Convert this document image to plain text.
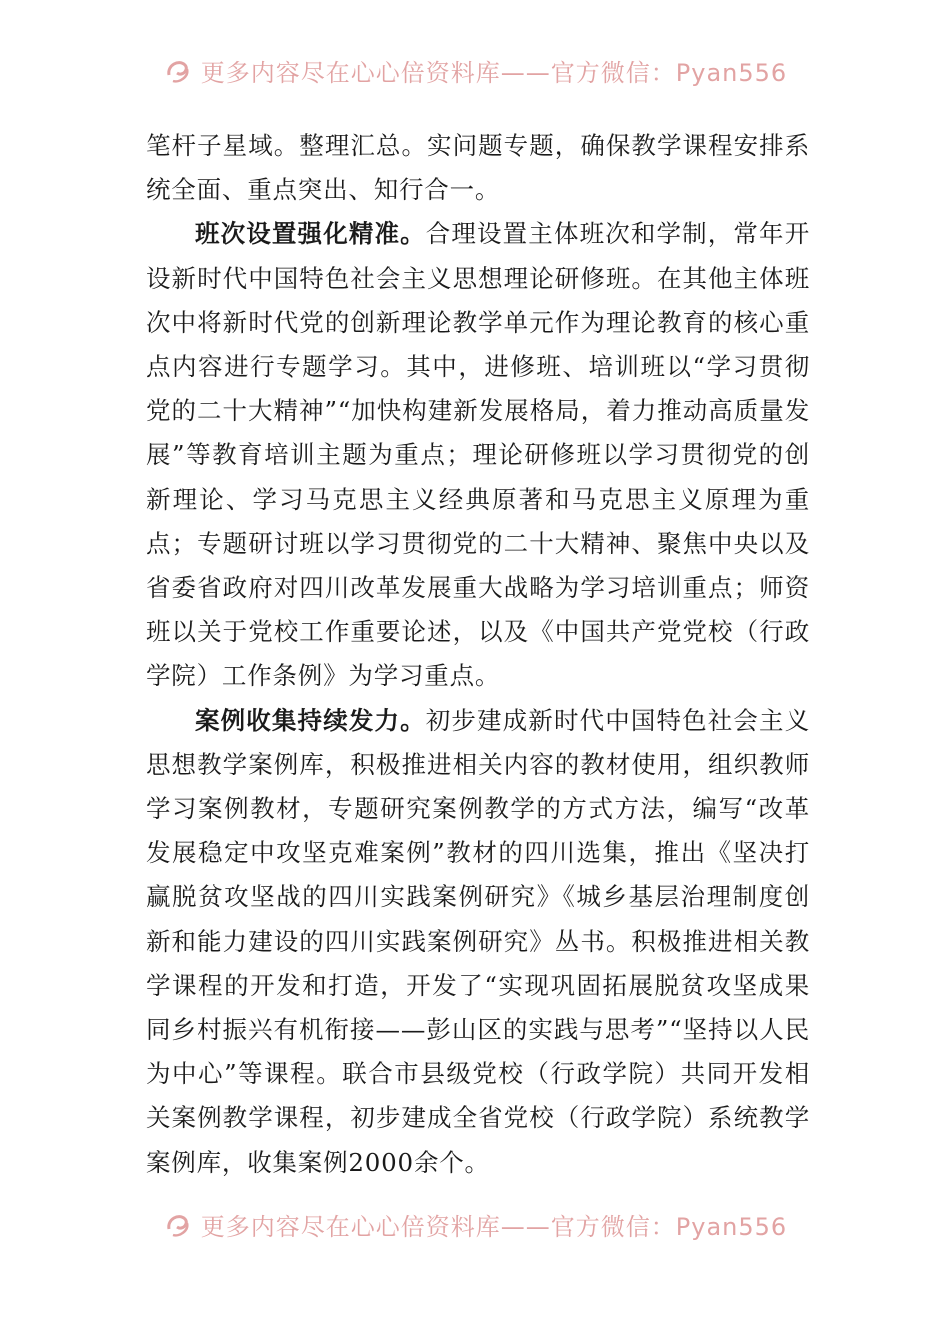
更多内容尽在心心倍资料库——官方微信：Pyan556

笔杆子星域。整理汇总。实问题专题，确保教学课程安排系统全面、重点突出、知行合一。

班次设置强化精准。合理设置主体班次和学制，常年开设新时代中国特色社会主义思想理论研修班。在其他主体班次中将新时代党的创新理论教学单元作为理论教育的核心重点内容进行专题学习。其中，进修班、培训班以“学习贯彻党的二十大精神”“加快构建新发展格局，着力推动高质量发展”等教育培训主题为重点；理论研修班以学习贯彻党的创新理论、学习马克思主义经典原著和马克思主义原理为重点；专题研讨班以学习贯彻党的二十大精神、聚焦中央以及省委省政府对四川改革发展重大战略为学习培训重点；师资班以关于党校工作重要论述，以及《中国共产党党校（行政学院）工作条例》为学习重点。

案例收集持续发力。初步建成新时代中国特色社会主义思想教学案例库，积极推进相关内容的教材使用，组织教师学习案例教材，专题研究案例教学的方式方法，编写“改革发展稳定中攻坚克难案例”教材的四川选集，推出《坚决打赢脱贫攻坚战的四川实践案例研究》《城乡基层治理制度创新和能力建设的四川实践案例研究》丛书。积极推进相关教学课程的开发和打造，开发了“实现巩固拓展脱贫攻坚成果同乡村振兴有机衔接——彭山区的实践与思考”“坚持以人民为中心”等课程。联合市县级党校（行政学院）共同开发相关案例教学课程，初步建成全省党校（行政学院）系统教学案例库，收集案例2000余个。

更多内容尽在心心倍资料库——官方微信：Pyan556
